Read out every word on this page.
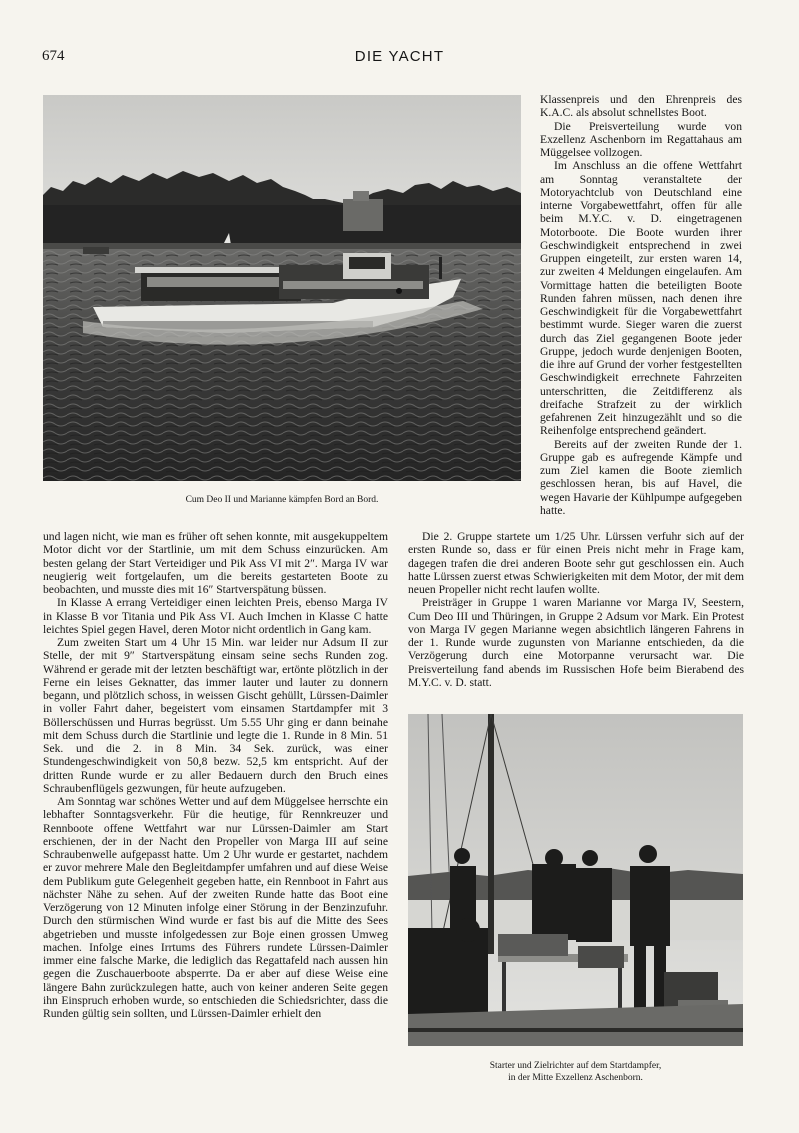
674	DIE YACHT
Cum Deo II und Marianne kämpfen Bord an Bord.

Klassenpreis und den Ehrenpreis des K.A.C. als absolut schnellstes Boot.

Die Preisverteilung wurde von Exzellenz Aschenborn im Regattahaus am Müggelsee vollzogen.

Im Anschluss an die offene Wettfahrt am Sonntag veranstaltete der Motoryachtclub von Deutschland eine interne Vorgabewettfahrt, offen für alle beim M.Y.C. v. D. eingetragenen Motorboote. Die Boote wurden ihrer Geschwindigkeit entsprechend in zwei Gruppen eingeteilt, zur ersten waren 14, zur zweiten 4 Meldungen eingelaufen. Am Vormittage hatten die beteiligten Boote Runden fahren müssen, nach denen ihre Geschwindigkeit für die Vorgabewettfahrt bestimmt wurde. Sieger waren die zuerst durch das Ziel gegangenen Boote jeder Gruppe, jedoch wurde denjenigen Booten, die ihre auf Grund der vorher festgestellten Geschwindigkeit errechnete Fahrzeiten unterschritten, die Zeitdifferenz als dreifache Strafzeit zu der wirklich gefahrenen Zeit hinzugezählt und so die Reihenfolge entsprechend geändert.

Bereits auf der zweiten Runde der 1. Gruppe gab es aufregende Kämpfe und zum Ziel kamen die Boote ziemlich geschlossen heran, bis auf Havel, die wegen Havarie der Kühlpumpe aufgegeben hatte.

und lagen nicht, wie man es früher oft sehen konnte, mit ausgekuppeltem Motor dicht vor der Startlinie, um mit dem Schuss einzurücken. Am besten gelang der Start Verteidiger und Pik Ass VI mit 2″. Marga IV war neugierig weit fortgelaufen, um die bereits gestarteten Boote zu beobachten, und musste dies mit 16″ Startverspätung büssen.

In Klasse A errang Verteidiger einen leichten Preis, ebenso Marga IV in Klasse B vor Titania und Pik Ass VI. Auch Imchen in Klasse C hatte leichtes Spiel gegen Havel, deren Motor nicht ordentlich in Gang kam.

Zum zweiten Start um 4 Uhr 15 Min. war leider nur Adsum II zur Stelle, der mit 9″ Startverspätung einsam seine sechs Runden zog. Während er gerade mit der letzten beschäftigt war, ertönte plötzlich in der Ferne ein leises Geknatter, das immer lauter und lauter zu donnern begann, und plötzlich schoss, in weissen Gischt gehüllt, Lürssen-Daimler in voller Fahrt daher, begeistert vom einsamen Startdampfer mit 3 Böllerschüssen und Hurras begrüsst. Um 5.55 Uhr ging er dann beinahe mit dem Schuss durch die Startlinie und legte die 1. Runde in 8 Min. 51 Sek. und die 2. in 8 Min. 34 Sek. zurück, was einer Stundengeschwindigkeit von 50,8 bezw. 52,5 km entspricht. Auf der dritten Runde wurde er zu aller Bedauern durch den Bruch eines Schraubenflügels gezwungen, für heute aufzugeben.

Am Sonntag war schönes Wetter und auf dem Müggelsee herrschte ein lebhafter Sonntagsverkehr. Für die heutige, für Rennkreuzer und Rennboote offene Wettfahrt war nur Lürssen-Daimler am Start erschienen, der in der Nacht den Propeller von Marga III auf seine Schraubenwelle aufgepasst hatte. Um 2 Uhr wurde er gestartet, nachdem er zuvor mehrere Male den Begleitdampfer umfahren und auf diese Weise dem Publikum gute Gelegenheit gegeben hatte, ein Rennboot in Fahrt aus nächster Nähe zu sehen. Auf der zweiten Runde hatte das Boot eine Verzögerung von 12 Minuten infolge einer Störung in der Benzinzufuhr. Durch den stürmischen Wind wurde er fast bis auf die Mitte des Sees abgetrieben und musste infolgedessen zur Boje einen grossen Umweg machen. Infolge eines Irrtums des Führers rundete Lürssen-Daimler immer eine falsche Marke, die lediglich das Regattafeld nach aussen hin gegen die Zuschauerboote absperrte. Da er aber auf diese Weise eine längere Bahn zurückzulegen hatte, auch von keiner anderen Seite gegen ihn Einspruch erhoben wurde, so entschieden die Schiedsrichter, dass die Runden gültig sein sollten, und Lürssen-Daimler erhielt den

Die 2. Gruppe startete um 1/25 Uhr. Lürssen verfuhr sich auf der ersten Runde so, dass er für einen Preis nicht mehr in Frage kam, dagegen trafen die drei anderen Boote sehr gut geschlossen ein. Auch hatte Lürssen zuerst etwas Schwierigkeiten mit dem Motor, der mit dem neuen Propeller nicht recht laufen wollte.

Preisträger in Gruppe 1 waren Marianne vor Marga IV, Seestern, Cum Deo III und Thüringen, in Gruppe 2 Adsum vor Mark. Ein Protest von Marga IV gegen Marianne wegen absichtlich längeren Fahrens in der 1. Runde wurde zugunsten von Marianne entschieden, da die Verzögerung durch eine Motorpanne verursacht war. Die Preisverteilung fand abends im Russischen Hofe beim Bierabend des M.Y.C. v. D. statt.

Starter und Zielrichter auf dem Startdampfer,
in der Mitte Exzellenz Aschenborn.
